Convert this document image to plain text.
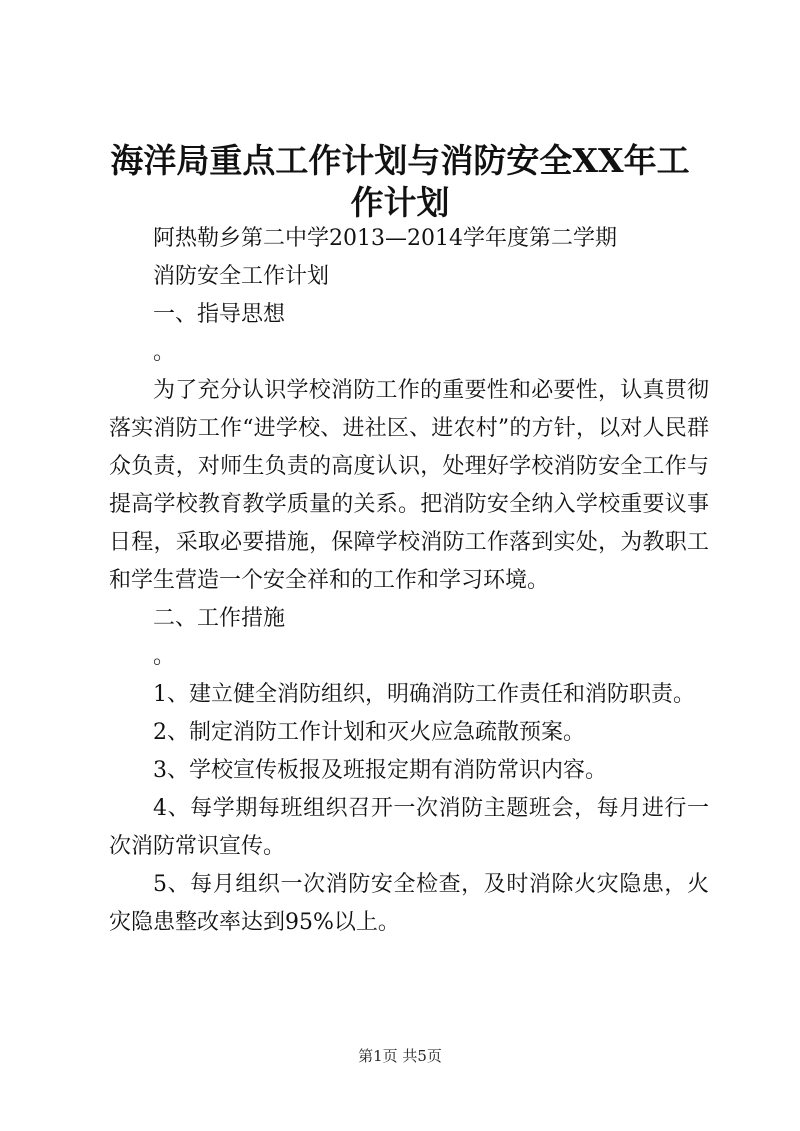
海洋局重点工作计划与消防安全XX年工作计划

阿热勒乡第二中学2013—2014学年度第二学期

消防安全工作计划

一、指导思想

。

为了充分认识学校消防工作的重要性和必要性，认真贯彻落实消防工作“进学校、进社区、进农村”的方针，以对人民群众负责，对师生负责的高度认识，处理好学校消防安全工作与提高学校教育教学质量的关系。把消防安全纳入学校重要议事日程，采取必要措施，保障学校消防工作落到实处，为教职工和学生营造一个安全祥和的工作和学习环境。

二、工作措施

。

1、建立健全消防组织，明确消防工作责任和消防职责。

2、制定消防工作计划和灭火应急疏散预案。

3、学校宣传板报及班报定期有消防常识内容。

4、每学期每班组织召开一次消防主题班会，每月进行一次消防常识宣传。

5、每月组织一次消防安全检查，及时消除火灾隐患，火灾隐患整改率达到95%以上。

第1页 共5页
